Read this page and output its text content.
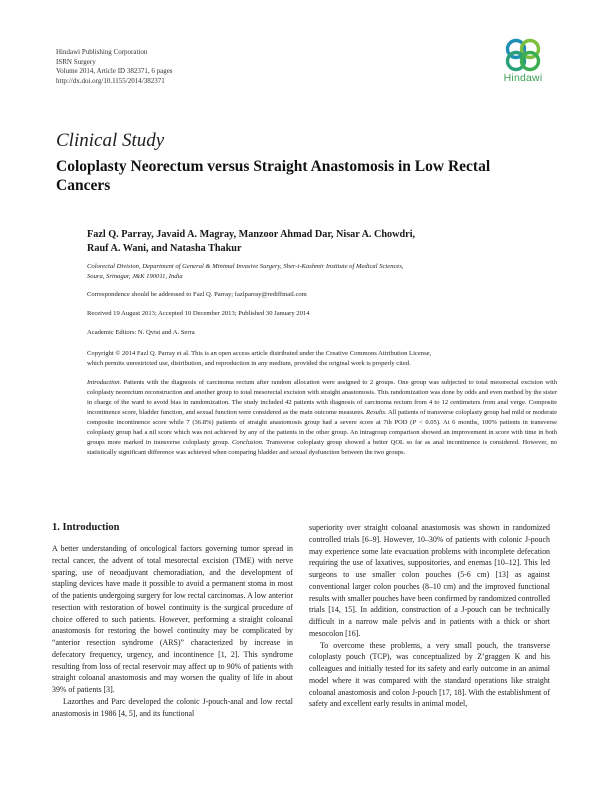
Hindawi Publishing Corporation
ISRN Surgery
Volume 2014, Article ID 382371, 6 pages
http://dx.doi.org/10.1155/2014/382371	Hindawi
Clinical Study
Coloplasty Neorectum versus Straight Anastomosis in Low Rectal Cancers
Fazl Q. Parray, Javaid A. Magray, Manzoor Ahmad Dar, Nisar A. Chowdri,
Rauf A. Wani, and Natasha Thakur
Colorectal Division, Department of General & Minimal Invasive Surgery, Sher-i-Kashmir Institute of Medical Sciences,
Soura, Srinagar, J&K 190011, India
Correspondence should be addressed to Fazl Q. Parray; fazlparray@rediffmail.com
Received 19 August 2013; Accepted 10 December 2013; Published 30 January 2014
Academic Editors: N. Qvist and A. Serra
Copyright © 2014 Fazl Q. Parray et al. This is an open access article distributed under the Creative Commons Attribution License,
which permits unrestricted use, distribution, and reproduction in any medium, provided the original work is properly cited.
Introduction. Patients with the diagnosis of carcinoma rectum after random allocation were assigned to 2 groups. One group was subjected to total mesorectal excision with coloplasty neorectum reconstruction and another group to total mesorectal excision with straight anastomosis. This randomization was done by odds and even method by the sister in charge of the ward to avoid bias in randomization. The study included 42 patients with diagnosis of carcinoma rectum from 4 to 12 centimeters from anal verge. Composite incontinence score, bladder function, and sexual function were considered as the main outcome measures. Results. All patients of transverse coloplasty group had mild or moderate composite incontinence score while 7 (36.8%) patients of straight anastomosis group had a severe score at 7th POD (P < 0.05). At 6 months, 100% patients in transverse coloplasty group had a nil score which was not achieved by any of the patients in the other group. An intragroup comparison showed an improvement in score with time in both groups more marked in transverse coloplasty group. Conclusion. Transverse coloplasty group showed a better QOL so far as anal incontinence is considered. However, no statistically significant difference was achieved when comparing bladder and sexual dysfunction between the two groups.

1. Introduction

A better understanding of oncological factors governing tumor spread in rectal cancer, the advent of total mesorectal excision (TME) with nerve sparing, use of neoadjuvant chemoradiation, and the development of stapling devices have made it possible to avoid a permanent stoma in most of the patients undergoing surgery for low rectal carcinomas. A low anterior resection with restoration of bowel continuity is the surgical procedure of choice offered to such patients. However, performing a straight coloanal anastomosis for restoring the bowel continuity may be complicated by “anterior resection syndrome (ARS)” characterized by increase in defecatory frequency, urgency, and incontinence [1, 2]. This syndrome resulting from loss of rectal reservoir may affect up to 90% of patients with straight coloanal anastomosis and may worsen the quality of life in about 39% of patients [3].

Lazorthes and Parc developed the colonic J-pouch-anal and low rectal anastomosis in 1986 [4, 5], and its functional

superiority over straight coloanal anastomosis was shown in randomized controlled trials [6–9]. However, 10–30% of patients with colonic J-pouch may experience some late evacuation problems with incomplete defecation requiring the use of laxatives, suppositories, and enemas [10–12]. This led surgeons to use smaller colon pouches (5-6 cm) [13] as against conventional larger colon pouches (8–10 cm) and the improved functional results with smaller pouches have been confirmed by randomized controlled trials [14, 15]. In addition, construction of a J-pouch can be technically difficult in a narrow male pelvis and in patients with a thick or short mesocolon [16].

To overcome these problems, a very small pouch, the transverse coloplasty pouch (TCP), was conceptualized by Z’graggen K and his colleagues and initially tested for its safety and early outcome in an animal model where it was compared with the standard operations like straight coloanal anastomosis and colon J-pouch [17, 18]. With the establishment of safety and excellent early results in animal model,
